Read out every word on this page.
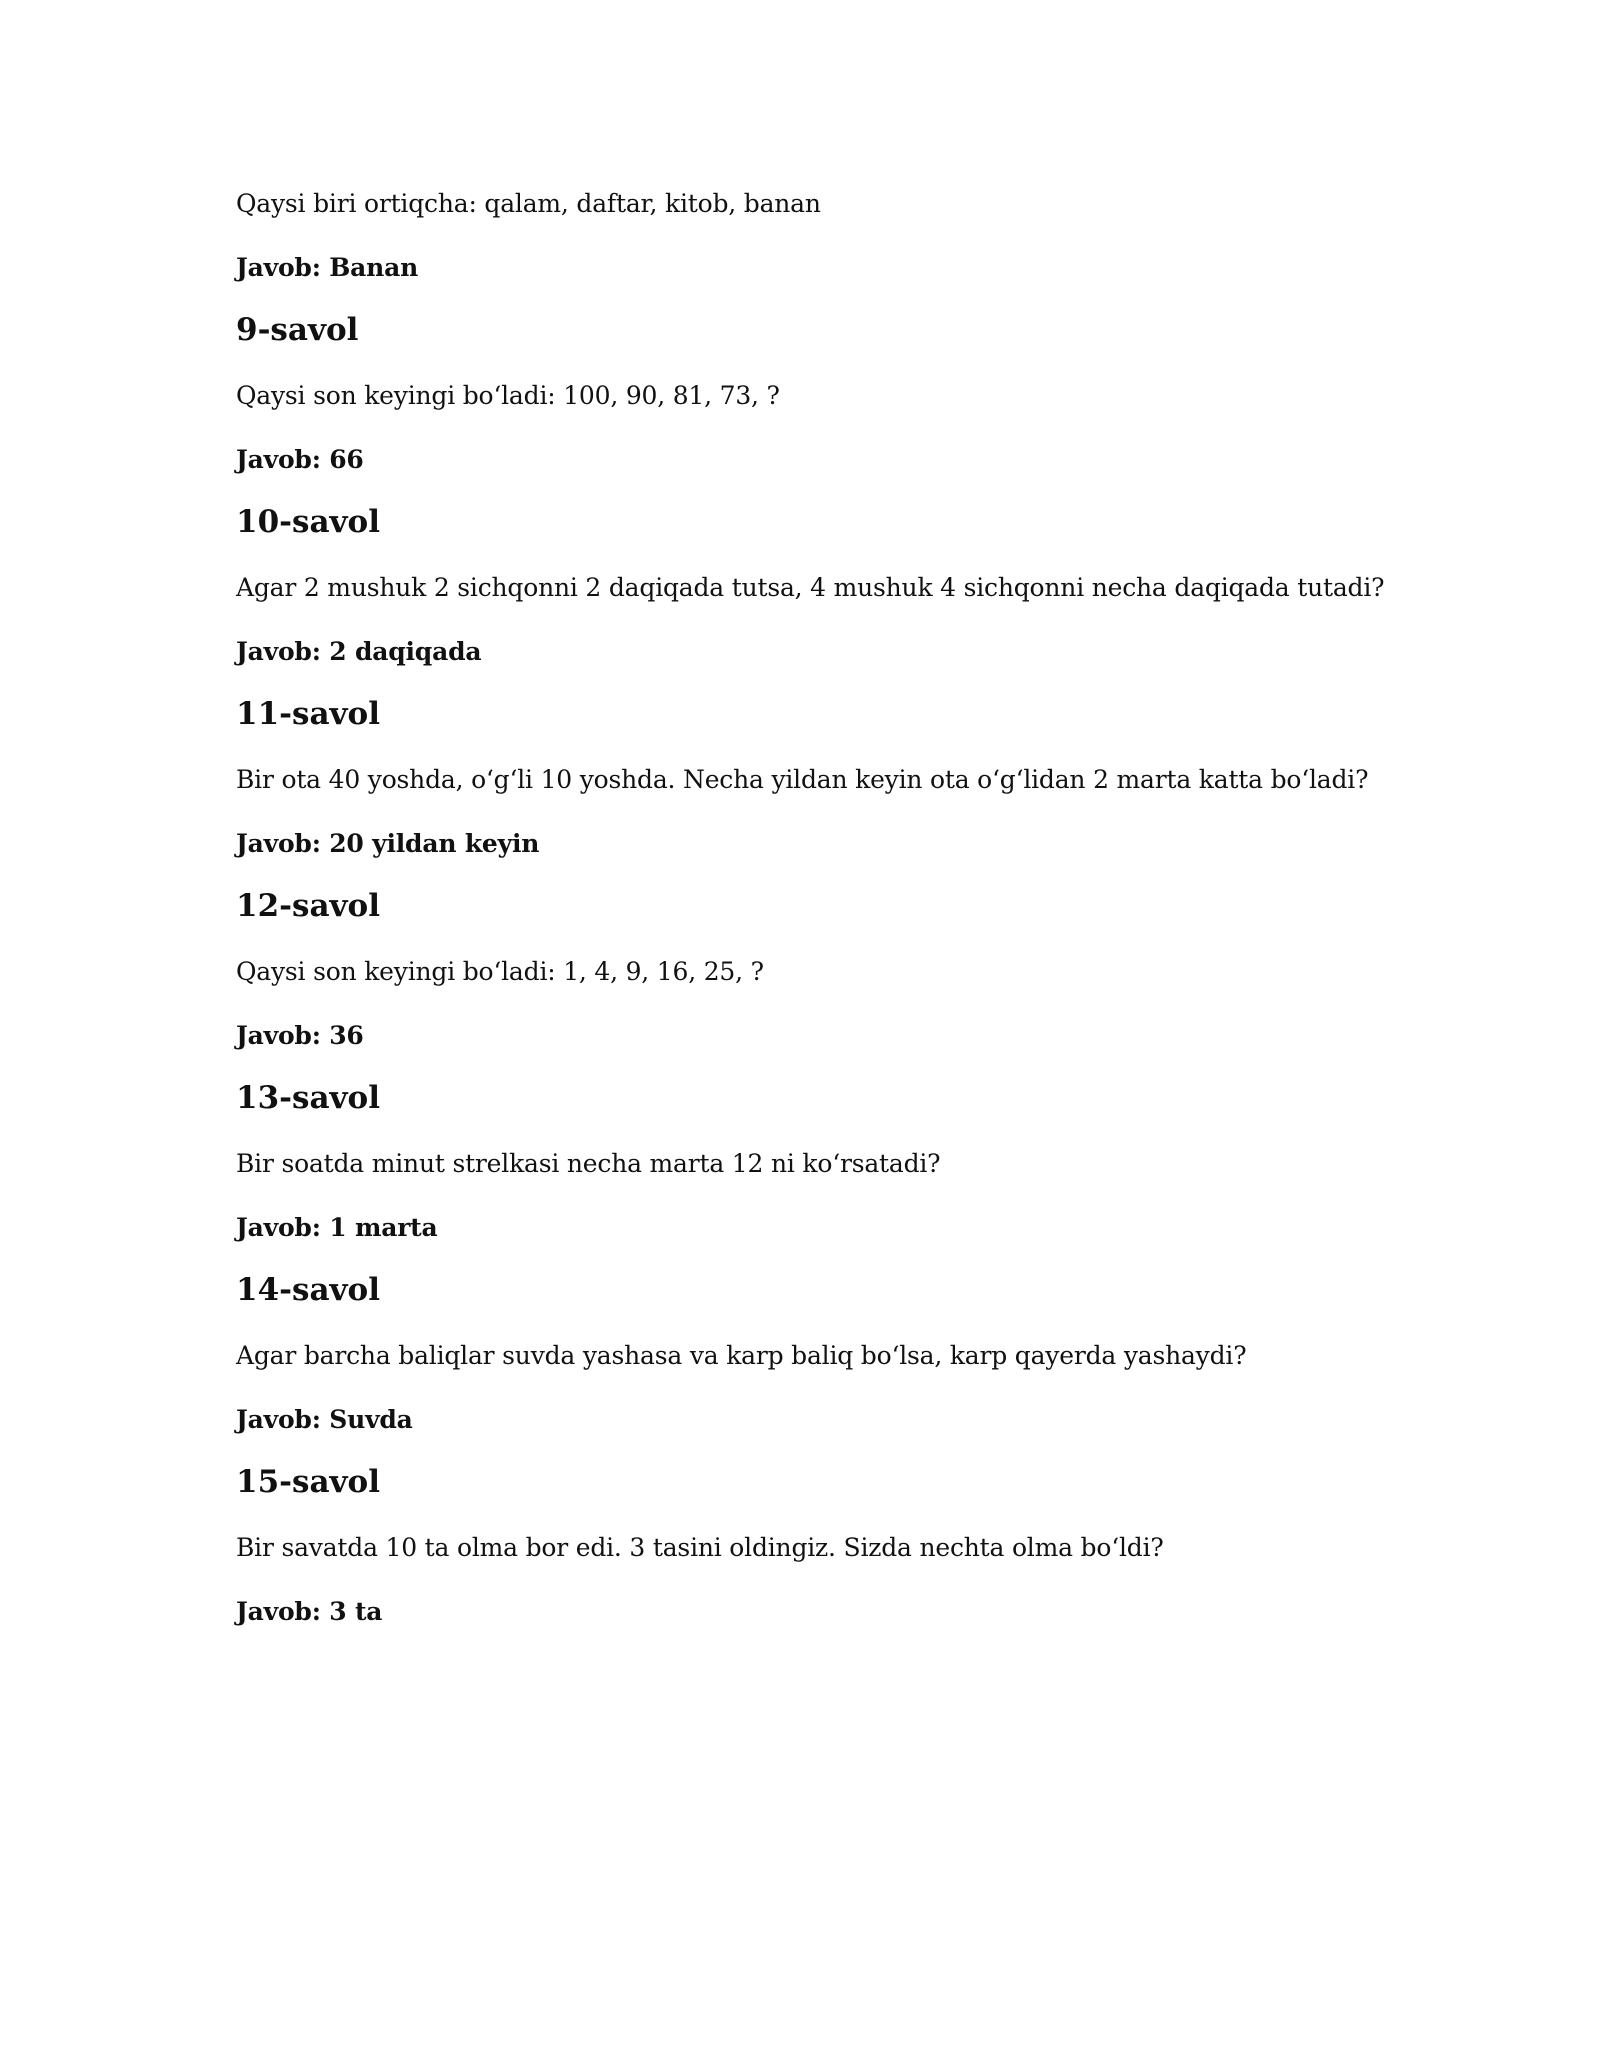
Qaysi biri ortiqcha: qalam, daftar, kitob, banan

Javob: Banan

9-savol

Qaysi son keyingi bo‘ladi: 100, 90, 81, 73, ?

Javob: 66

10-savol

Agar 2 mushuk 2 sichqonni 2 daqiqada tutsa, 4 mushuk 4 sichqonni necha daqiqada tutadi?

Javob: 2 daqiqada

11-savol

Bir ota 40 yoshda, o‘g‘li 10 yoshda. Necha yildan keyin ota o‘g‘lidan 2 marta katta bo‘ladi?

Javob: 20 yildan keyin

12-savol

Qaysi son keyingi bo‘ladi: 1, 4, 9, 16, 25, ?

Javob: 36

13-savol

Bir soatda minut strelkasi necha marta 12 ni ko‘rsatadi?

Javob: 1 marta

14-savol

Agar barcha baliqlar suvda yashasa va karp baliq bo‘lsa, karp qayerda yashaydi?

Javob: Suvda

15-savol

Bir savatda 10 ta olma bor edi. 3 tasini oldingiz. Sizda nechta olma bo‘ldi?

Javob: 3 ta
